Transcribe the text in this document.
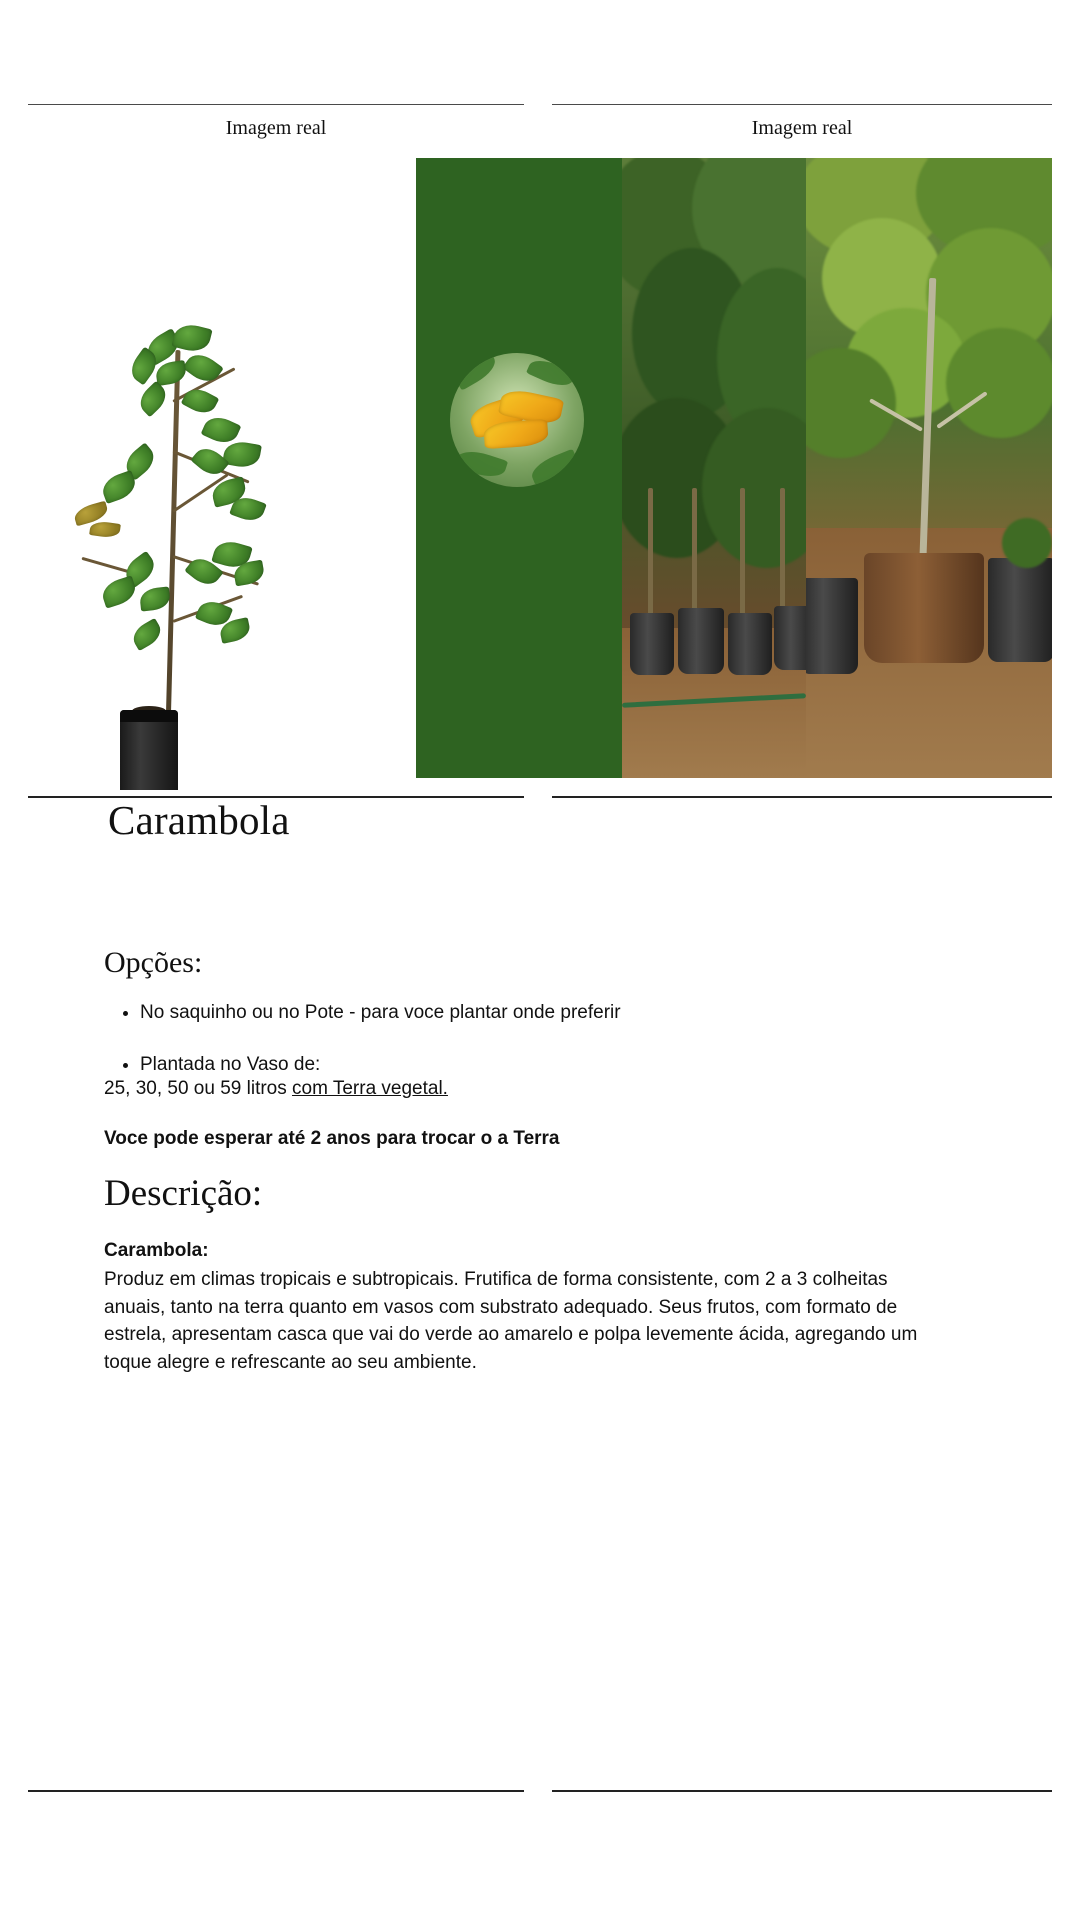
Imagem real	Imagem real
Carambola
Opções:
• No saquinho ou no Pote - para voce plantar onde preferir
• Plantada no Vaso de:
25, 30, 50 ou 59 litros com Terra vegetal.
Voce pode esperar até 2 anos para trocar o a Terra
Descrição:
Carambola:
Produz em climas tropicais e subtropicais. Frutifica de forma consistente, com 2 a 3 colheitas anuais, tanto na terra quanto em vasos com substrato adequado. Seus frutos, com formato de estrela, apresentam casca que vai do verde ao amarelo e polpa levemente ácida, agregando um toque alegre e refrescante ao seu ambiente.
